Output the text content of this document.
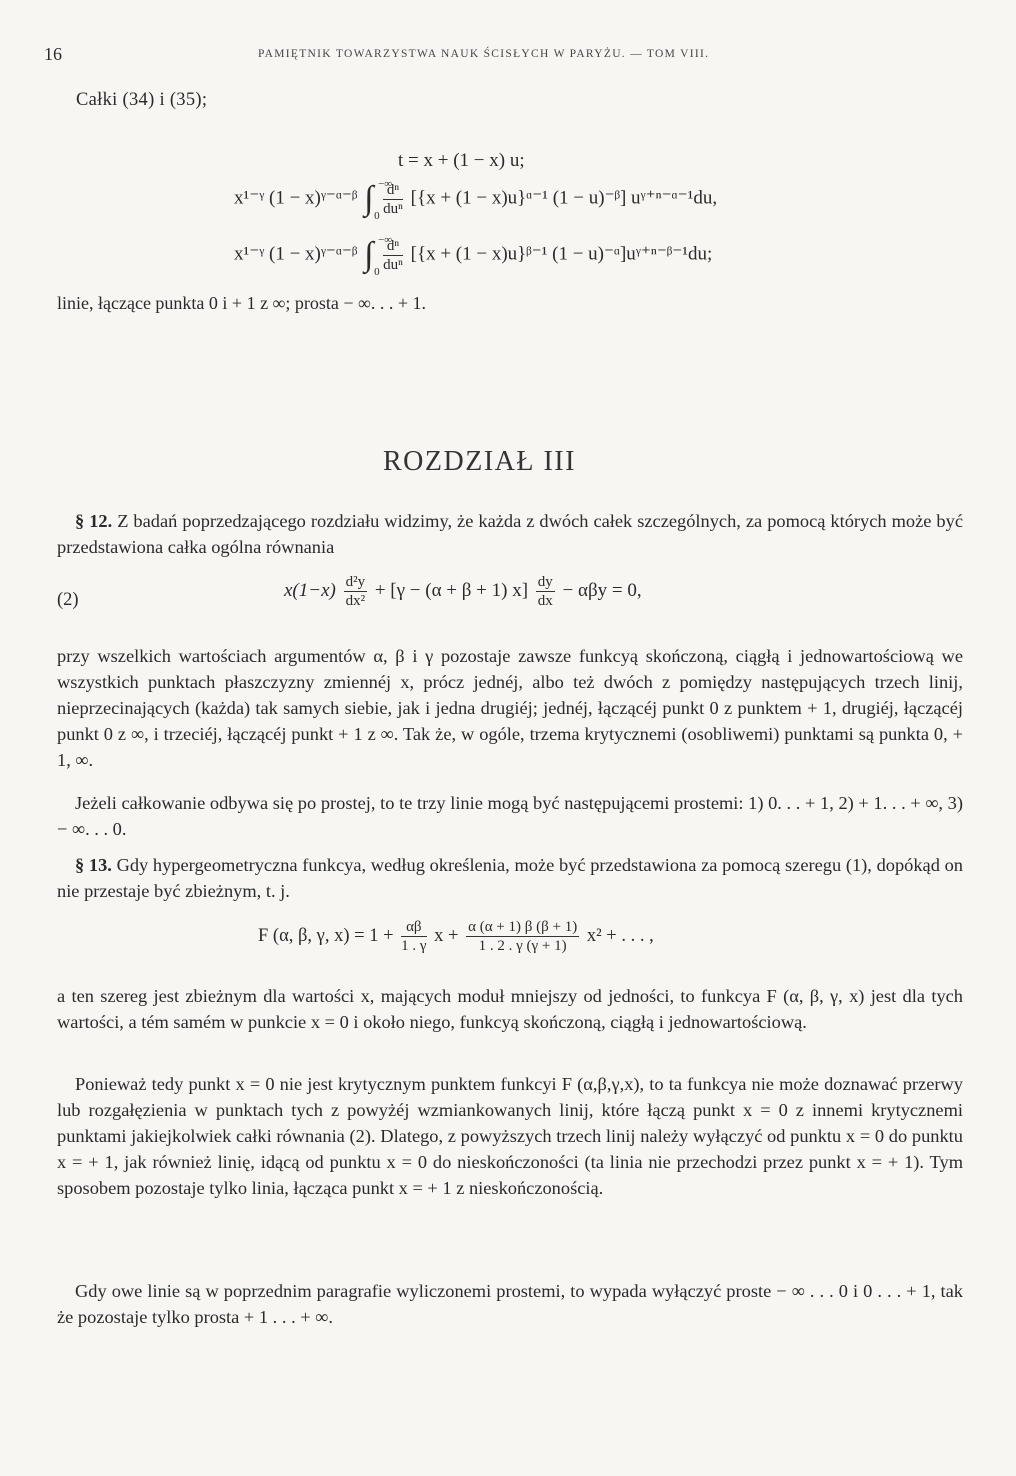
16	PAMIĘTNIK TOWARZYSTWA NAUK ŚCISŁYCH W PARYŻU. — TOM VIII.
Całki (34) i (35);
t = x + (1 − x) u;
x¹⁻ᵞ (1 − x)ᵞ⁻ᵅ⁻ᵝ ∫ −∞
0
$\frac{\text{dⁿ}}{\text{duⁿ}} [\{x + (1$ − x)u}ᵅ⁻¹ (1 − u)⁻ᵝ] uᵞ⁺ⁿ⁻ᵅ⁻¹du,
x¹⁻ᵞ (1 − x)ᵞ⁻ᵅ⁻ᵝ ∫ −∞
0
$\frac{\text{dⁿ}}{\text{duⁿ}} [\{x + (1$ − x)u}ᵝ⁻¹ (1 − u)⁻ᵅ]uᵞ⁺ⁿ⁻ᵝ⁻¹du;
linie, łączące punkta 0 i + 1 z ∞; prosta − ∞. . . + 1.
ROZDZIAŁ III
§ 12. Z badań poprzedzającego rozdziału widzimy, że każda z dwóch całek szczególnych, za pomocą których może być przedstawiona całka ogólna równania
(2)	$x(1-x) \frac{\text{d²y}}{\text{dx²}} + [\gamma - (\alpha + \beta + 1)$ $x] \frac{dy}{dx} - \alpha\beta y = 0$,
przy wszelkich wartościach argumentów α, β i γ pozostaje zawsze funkcyą skończoną, ciągłą i jednowartościową we wszystkich punktach płaszczyzny zmiennéj x, prócz jednéj, albo też dwóch z pomiędzy następujących trzech linij, nieprzecinających (każda) tak samych siebie, jak i jedna drugiéj; jednéj, łączącéj punkt 0 z punktem + 1, drugiéj, łączącéj punkt 0 z ∞, i trzeciéj, łączącéj punkt + 1 z ∞. Tak że, w ogóle, trzema krytycznemi (osobliwemi) punktami są punkta 0, + 1, ∞.
Jeżeli całkowanie odbywa się po prostej, to te trzy linie mogą być następującemi prostemi: 1) 0. . . + 1, 2) + 1. . . + ∞, 3) − ∞. . . 0.
§ 13. Gdy hypergeometryczna funkcya, według określenia, może być przedstawiona za pomocą szeregu (1), dopókąd on nie przestaje być zbieżnym, t. j.
F (α, β, γ, $x) = 1 + \frac{\alpha\beta}{1 . \gamma}$ $x + \frac{\alpha (\alpha + 1) \beta (\beta + 1)}{1 . 2 . \gamma (\gamma + 1)} x^2$ + . . . ,
a ten szereg jest zbieżnym dla wartości x, mających moduł mniejszy od jedności, to funkcya F (α, β, γ, x) jest dla tych wartości, a tém samém w punkcie x = 0 i około niego, funkcyą skończoną, ciągłą i jednowartościową.
Ponieważ tedy punkt x = 0 nie jest krytycznym punktem funkcyi F (α,β,γ,x), to ta funkcya nie może doznawać przerwy lub rozgałęzienia w punktach tych z powyżéj wzmiankowanych linij, które łączą punkt x = 0 z innemi krytycznemi punktami jakiejkolwiek całki równania (2). Dlatego, z powyższych trzech linij należy wyłączyć od punktu x = 0 do punktu x = + 1, jak również linię, idącą od punktu x = 0 do nieskończoności (ta linia nie przechodzi przez punkt x = + 1). Tym sposobem pozostaje tylko linia, łącząca punkt x = + 1 z nieskończonością.
Gdy owe linie są w poprzednim paragrafie wyliczonemi prostemi, to wypada wyłączyć proste − ∞ . . . 0 i 0 . . . + 1, tak że pozostaje tylko prosta + 1 . . . + ∞.
